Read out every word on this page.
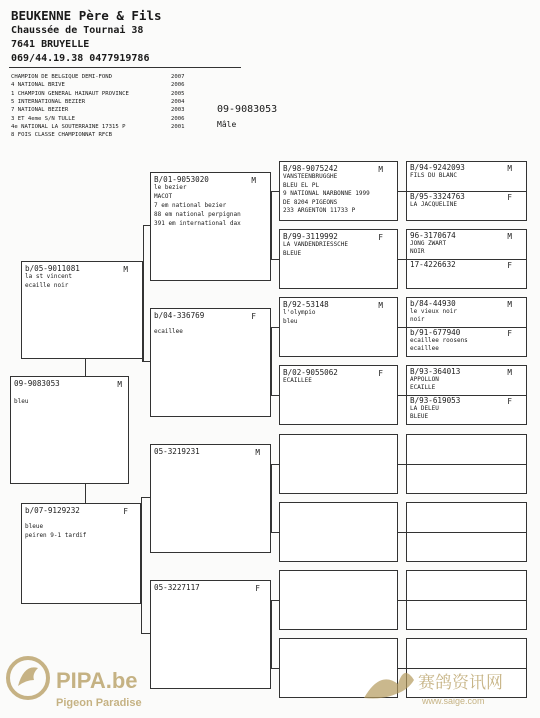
BEUKENNE Père & Fils
Chaussée de Tournai 38
7641 BRUYELLE
069/44.19.38 0477919786
CHAMPION DE BELGIQUE DEMI-FOND	2007
4 NATIONAL BRIVE	2006
1 CHAMPION GENERAL HAINAUT PROVINCE	2005
5 INTERNATIONAL BEZIER	2004
7 NATIONAL BEZIER	2003
3 ET 4eme S/N TULLE	2006
4e NATIONAL LA SOUTERRAINE 17315 P	2001
8 FOIS CLASSE CHAMPIONNAT RFCB
09-9083053
Mâle
09-9083053	M
bleu
b/05-9011081	M
la st vincent
ecaille noir
b/07-9129232	F
bleue
peiren 9-1 tardif
B/01-9053020	M
le bezier
MACOT
7 em national bezier
88 em national perpignan
391 em international dax
b/04-336769	F
ecaillee
05-3219231	M
05-3227117	F
B/98-9075242	M
VANSTEENBRUGGHE
BLEU EL PL
9 NATIONAL NARBONNE 1999
DE 8204 PIGEONS
233 ARGENTON 11733 P
B/94-9242093	M
FILS DU BLANC
B/95-3324763	F
LA JACQUELINE
B/99-3119992	F
LA VANDENDRIESSCHE
BLEUE
96-3170674	M
JONG ZWART
NOIR
17-4226632	F
B/92-53148	M
l'olympio
bleu
b/84-44930	M
le vieux noir
noir
b/91-677940	F
ecaillee roosens
ecaillee
B/02-9055062	F
ECAILLEE
B/93-364013	M
APPOLLON
ECAILLE
B/93-619053	F
LA DELEU
BLEUE
PIPA.be
Pigeon Paradise
赛鸽资讯网
www.saige.com
